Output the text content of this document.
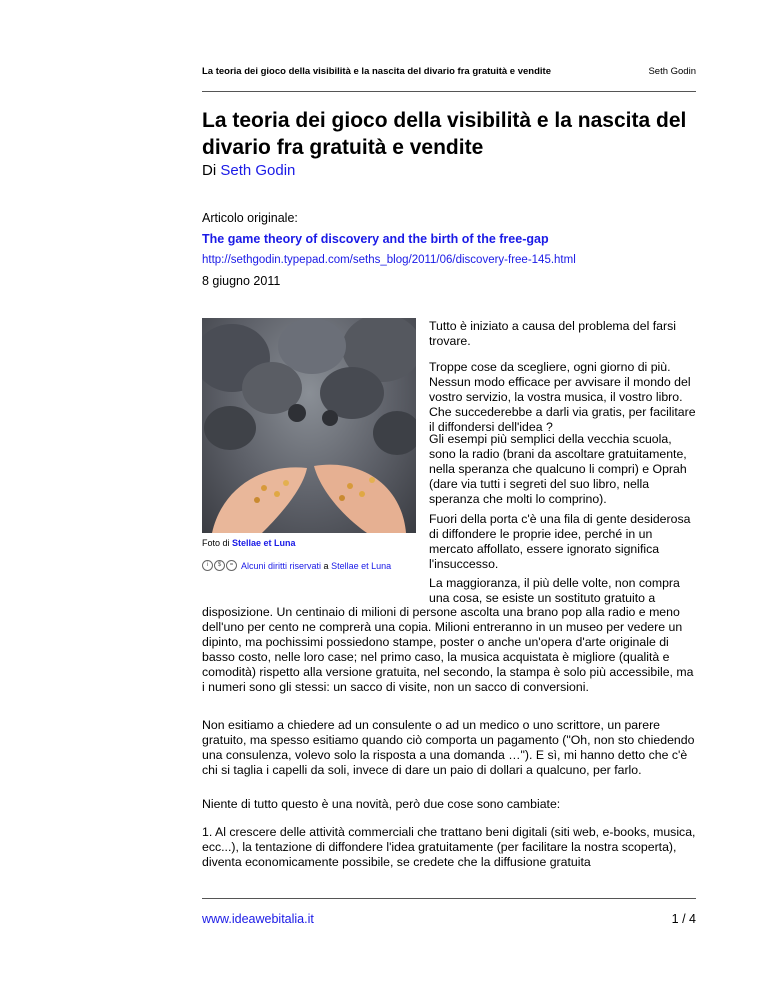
La teoria dei gioco della visibilità e la nascita del divario fra gratuità e vendite	Seth Godin
La teoria dei gioco della visibilità e la nascita del divario fra gratuità e vendite
Di Seth Godin
Articolo originale:
The game theory of discovery and the birth of the free-gap
http://sethgodin.typepad.com/seths_blog/2011/06/discovery-free-145.html
8 giugno 2011
Foto di Stellae et Luna
i	$	= Alcuni diritti riservati
a
Stellae et Luna

Tutto è iniziato a causa del problema del farsi trovare.

Troppe cose da scegliere, ogni giorno di più. Nessun modo efficace per avvisare il mondo del vostro servizio, la vostra musica, il vostro libro. Che succederebbe a darli via gratis, per facilitare il diffondersi dell'idea ?

Gli esempi più semplici della vecchia scuola, sono la radio (brani da ascoltare gratuitamente, nella speranza che qualcuno li compri) e Oprah (dare via tutti i segreti del suo libro, nella speranza che molti lo comprino).

Fuori della porta c'è una fila di gente desiderosa di diffondere le proprie idee, perché in un mercato affollato, essere ignorato significa l'insuccesso.

La maggioranza, il più delle volte, non compra una cosa, se esiste un sostituto gratuito a

disposizione. Un centinaio di milioni di persone ascolta una brano pop alla radio e meno dell'uno per cento ne comprerà una copia. Milioni entreranno in un museo per vedere un dipinto, ma pochissimi possiedono stampe, poster o anche un'opera d'arte originale di basso costo, nelle loro case; nel primo caso, la musica acquistata è migliore (qualità e comodità) rispetto alla versione gratuita, nel secondo, la stampa è solo più accessibile, ma i numeri sono gli stessi: un sacco di visite, non un sacco di conversioni.

Non esitiamo a chiedere ad un consulente o ad un medico o uno scrittore, un parere gratuito, ma spesso esitiamo quando ciò comporta un pagamento ("Oh, non sto chiedendo una consulenza, volevo solo la risposta a una domanda …"). E sì, mi hanno detto che c'è chi si taglia i capelli da soli, invece di dare un paio di dollari a qualcuno, per farlo.

Niente di tutto questo è una novità, però due cose sono cambiate:

1. Al crescere delle attività commerciali che trattano beni digitali (siti web, e-books, musica, ecc...), la tentazione di diffondere l'idea gratuitamente (per facilitare la nostra scoperta), diventa economicamente possibile, se credete che la diffusione gratuita

www.ideawebitalia.it	1 / 4
